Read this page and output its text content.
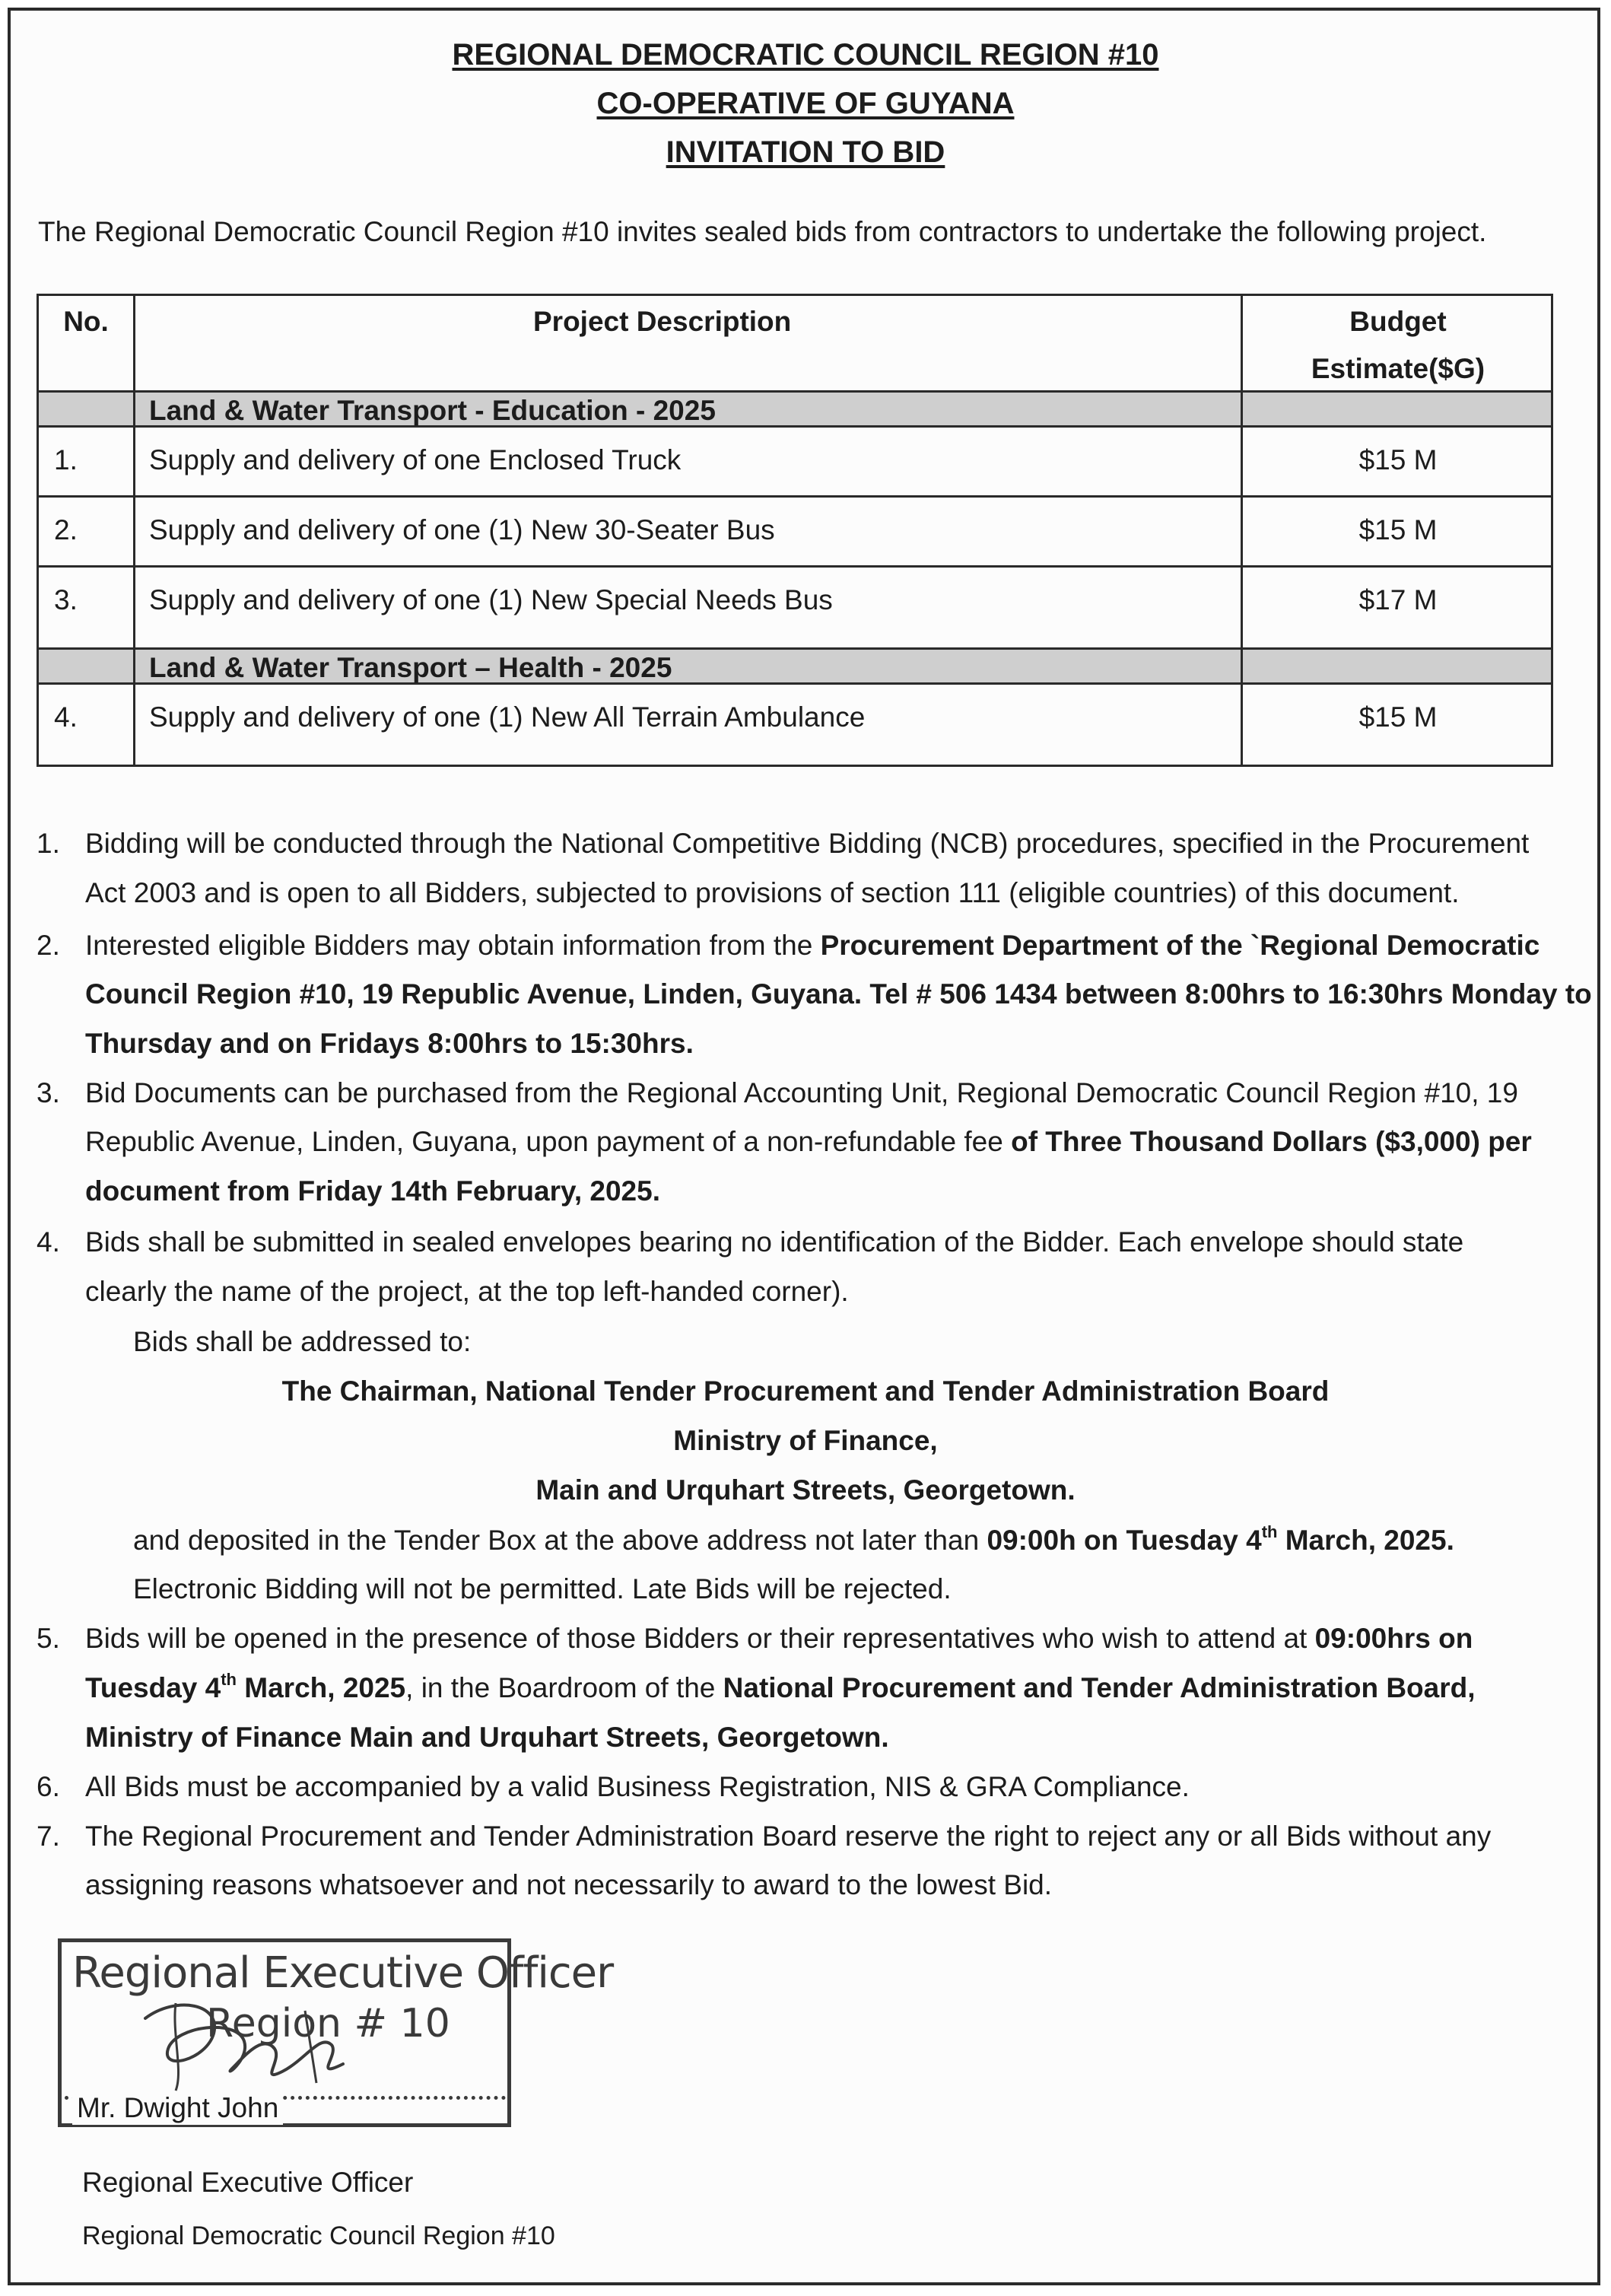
REGIONAL DEMOCRATIC COUNCIL REGION #10
CO-OPERATIVE OF GUYANA
INVITATION TO BID
The Regional Democratic Council Region #10 invites sealed bids from contractors to undertake the following project.
No.	Project Description	Budget
Estimate($G)
Land & Water Transport - Education - 2025
1.	Supply and delivery of one Enclosed Truck	$15 M
2.	Supply and delivery of one (1) New 30-Seater Bus	$15 M
3.	Supply and delivery of one (1) New Special Needs Bus	$17 M
Land & Water Transport – Health - 2025
4.	Supply and delivery of one (1) New All Terrain Ambulance	$15 M
1. Bidding will be conducted through the National Competitive Bidding (NCB) procedures, specified in the Procurement
Act 2003 and is open to all Bidders, subjected to provisions of section 111 (eligible countries) of this document.
2. Interested eligible Bidders may obtain information from the Procurement Department of the `Regional Democratic
Council Region #10, 19 Republic Avenue, Linden, Guyana. Tel # 506 1434 between 8:00hrs to 16:30hrs Monday to
Thursday and on Fridays 8:00hrs to 15:30hrs.
3. Bid Documents can be purchased from the Regional Accounting Unit, Regional Democratic Council Region #10, 19
Republic Avenue, Linden, Guyana, upon payment of a non-refundable fee of Three Thousand Dollars ($3,000) per
document from Friday 14th February, 2025.
4. Bids shall be submitted in sealed envelopes bearing no identification of the Bidder. Each envelope should state
clearly the name of the project, at the top left-handed corner).
Bids shall be addressed to:
The Chairman, National Tender Procurement and Tender Administration Board
Ministry of Finance,
Main and Urquhart Streets, Georgetown.
and deposited in the Tender Box at the above address not later than 09:00h on Tuesday 4th March, 2025.
Electronic Bidding will not be permitted. Late Bids will be rejected.
5. Bids will be opened in the presence of those Bidders or their representatives who wish to attend at 09:00hrs on
Tuesday 4th March, 2025, in the Boardroom of the National Procurement and Tender Administration Board,
Ministry of Finance Main and Urquhart Streets, Georgetown.
6. All Bids must be accompanied by a valid Business Registration, NIS & GRA Compliance.
7. The Regional Procurement and Tender Administration Board reserve the right to reject any or all Bids without any
assigning reasons whatsoever and not necessarily to award to the lowest Bid.
Regional Executive Officer
Region # 10
Mr. Dwight John
Regional Executive Officer
Regional Democratic Council Region #10
